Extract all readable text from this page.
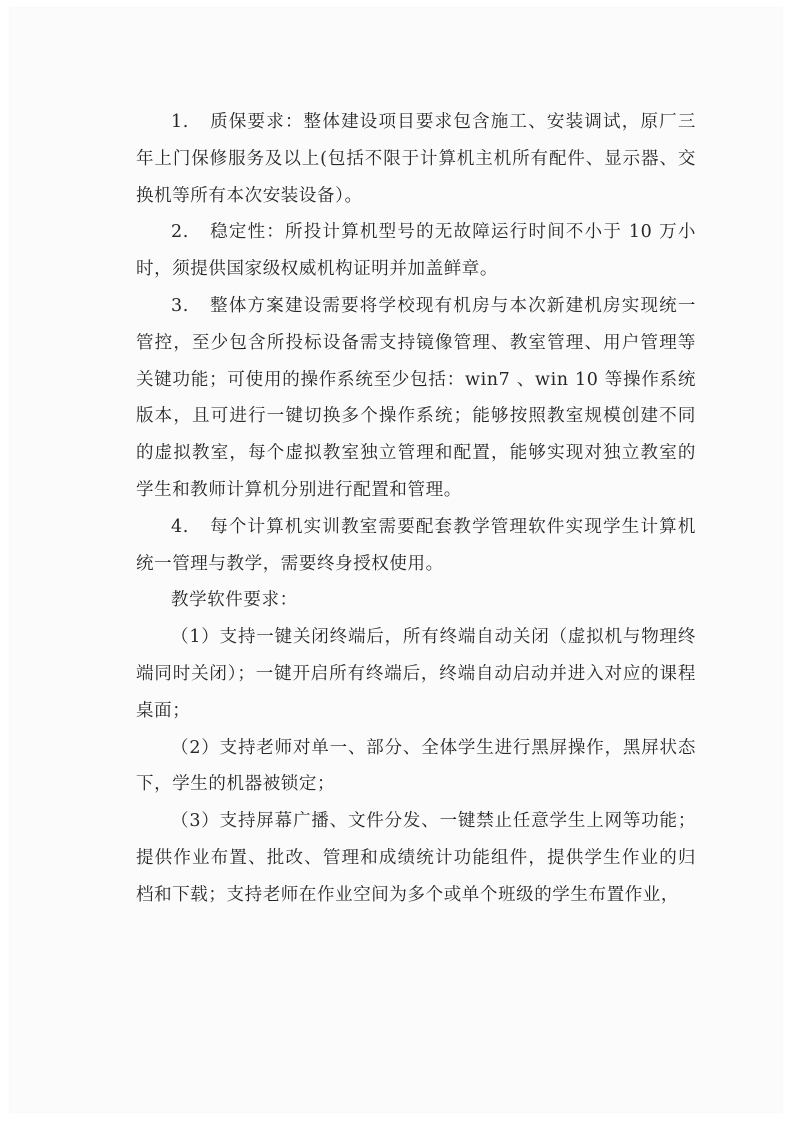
1. 质保要求：整体建设项目要求包含施工、安装调试，原厂三年上门保修服务及以上(包括不限于计算机主机所有配件、显示器、交换机等所有本次安装设备）。

2. 稳定性：所投计算机型号的无故障运行时间不小于 10 万小时，须提供国家级权威机构证明并加盖鲜章。

3. 整体方案建设需要将学校现有机房与本次新建机房实现统一管控，至少包含所投标设备需支持镜像管理、教室管理、用户管理等关键功能；可使用的操作系统至少包括：win7 、win 10 等操作系统版本，且可进行一键切换多个操作系统；能够按照教室规模创建不同的虚拟教室，每个虚拟教室独立管理和配置，能够实现对独立教室的学生和教师计算机分别进行配置和管理。

4. 每个计算机实训教室需要配套教学管理软件实现学生计算机统一管理与教学，需要终身授权使用。

教学软件要求：

（1）支持一键关闭终端后，所有终端自动关闭（虚拟机与物理终端同时关闭）；一键开启所有终端后，终端自动启动并进入对应的课程桌面；

（2）支持老师对单一、部分、全体学生进行黑屏操作，黑屏状态下，学生的机器被锁定；

（3）支持屏幕广播、文件分发、一键禁止任意学生上网等功能；提供作业布置、批改、管理和成绩统计功能组件，提供学生作业的归档和下载；支持老师在作业空间为多个或单个班级的学生布置作业，
